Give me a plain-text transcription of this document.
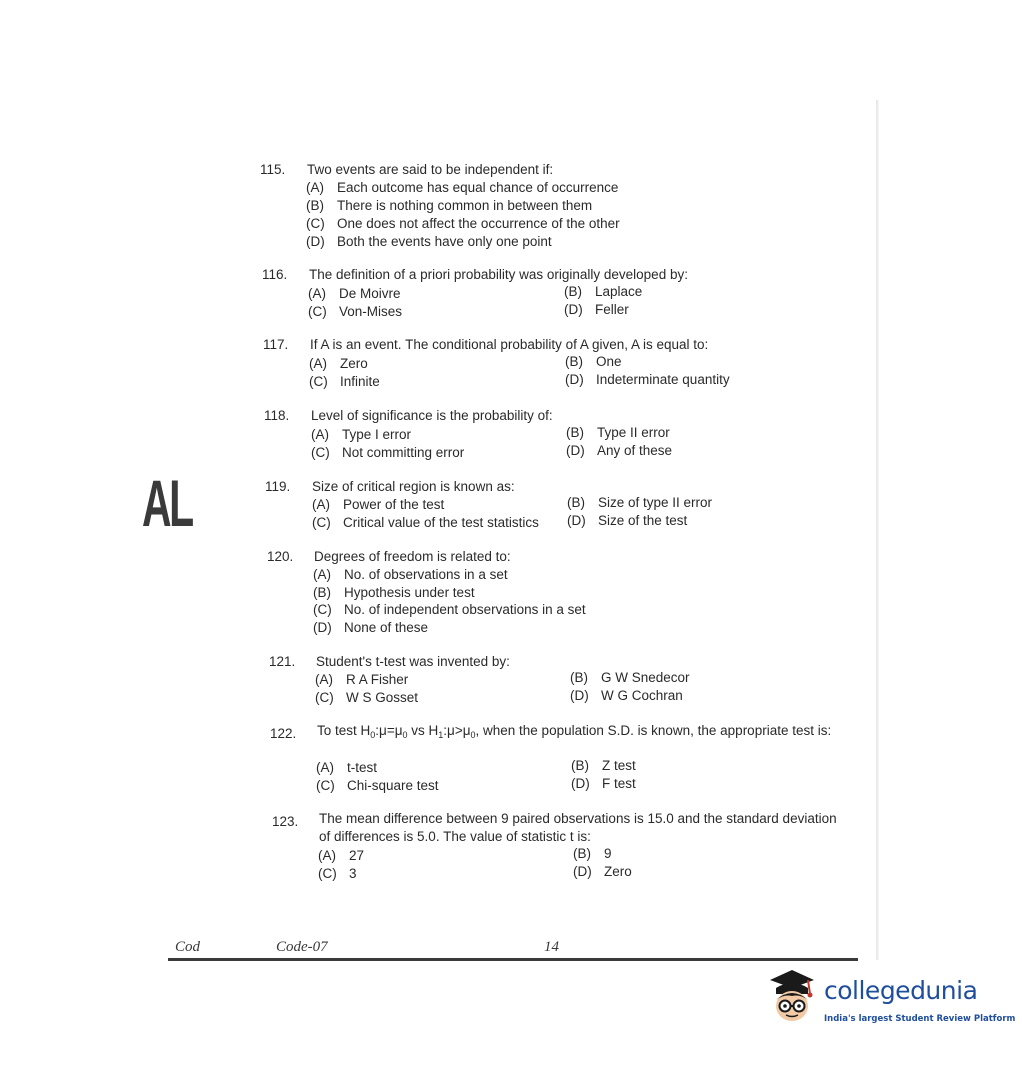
AL
115. Two events are said to be independent if:
(A) Each outcome has equal chance of occurrence
(B) There is nothing common in between them
(C) One does not affect the occurrence of the other
(D) Both the events have only one point
116. The definition of a priori probability was originally developed by:
(A) De Moivre	(B) Laplace
(C) Von-Mises	(D) Feller
117. If A is an event. The conditional probability of A given, A is equal to:
(A) Zero	(B) One
(C) Infinite	(D) Indeterminate quantity
118. Level of significance is the probability of:
(A) Type I error	(B) Type II error
(C) Not committing error	(D) Any of these
119. Size of critical region is known as:
(A) Power of the test	(B) Size of type II error
(C) Critical value of the test statistics (D) Size of the test
120. Degrees of freedom is related to:
(A) No. of observations in a set
(B) Hypothesis under test
(C) No. of independent observations in a set
(D) None of these
121. Student's t-test was invented by:
(A) R A Fisher	(B) G W Snedecor
(C) W S Gosset	(D) W G Cochran
122. To test $H_0:\mu=\mu_0$ vs $H_1:\mu>\mu_0$, when the population S.D. is known, the appropriate test is:
(A) t-test	(B) Z test
(C) Chi-square test	(D) F test
123. The mean difference between 9 paired observations is 15.0 and the standard deviation of differences is 5.0. The value of statistic t is:
(A) 27	(B) 9
(C) 3	(D) Zero
Cod	Code-07	14
collegedunia
India's largest Student Review Platform
